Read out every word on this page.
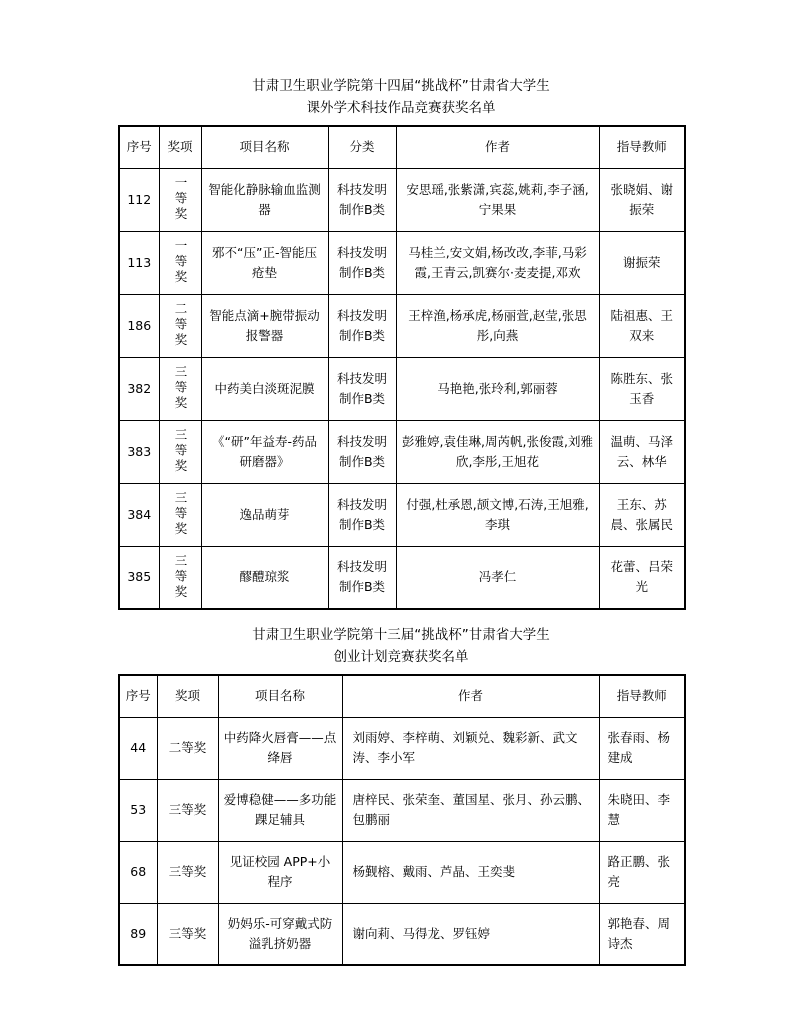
甘肃卫生职业学院第十四届“挑战杯”甘肃省大学生
课外学术科技作品竞赛获奖名单
序号	奖项	项目名称	分类	作者	指导教师
112	一等奖	智能化静脉输血监测器	科技发明制作B类	安思瑶,张紫潇,宾蕊,姚莉,李子涵,宁果果	张晓娟、谢振荣
113	一等奖	邪不“压”正-智能压疮垫	科技发明制作B类	马桂兰,安文娟,杨改改,李菲,马彩霞,王青云,凯赛尔·麦麦提,邓欢	谢振荣
186	二等奖	智能点滴+腕带振动报警器	科技发明制作B类	王梓渔,杨承虎,杨丽萱,赵莹,张思彤,向燕	陆祖惠、王双来
382	三等奖	中药美白淡斑泥膜	科技发明制作B类	马艳艳,张玲利,郭丽蓉	陈胜东、张玉香
383	三等奖	《“研”年益寿-药品研磨器》	科技发明制作B类	彭雅婷,袁佳琳,周芮帆,张俊霞,刘雅欣,李彤,王旭花	温萌、马泽云、林华
384	三等奖	逸品萌芽	科技发明制作B类	付强,杜承恩,颉文博,石涛,王旭雅,李琪	王东、苏晨、张属民
385	三等奖	醪醴琼浆	科技发明制作B类	冯孝仁	花蕾、吕荣光
甘肃卫生职业学院第十三届“挑战杯”甘肃省大学生
创业计划竞赛获奖名单
序号	奖项	项目名称	作者	指导教师
44	二等奖	中药降火唇膏——点绛唇	刘雨婷、李梓萌、刘颖兑、魏彩新、武文涛、李小军	张春雨、杨建成
53	三等奖	爱博稳健——多功能踝足辅具	唐梓民、张荣奎、董国星、张月、孙云鹏、包鹏丽	朱晓田、李慧
68	三等奖	见证校园 APP+小程序	杨觐榕、戴雨、芦晶、王奕斐	路正鹏、张亮
89	三等奖	奶妈乐-可穿戴式防溢乳挤奶器	谢向莉、马得龙、罗钰婷	郭艳春、周诗杰
